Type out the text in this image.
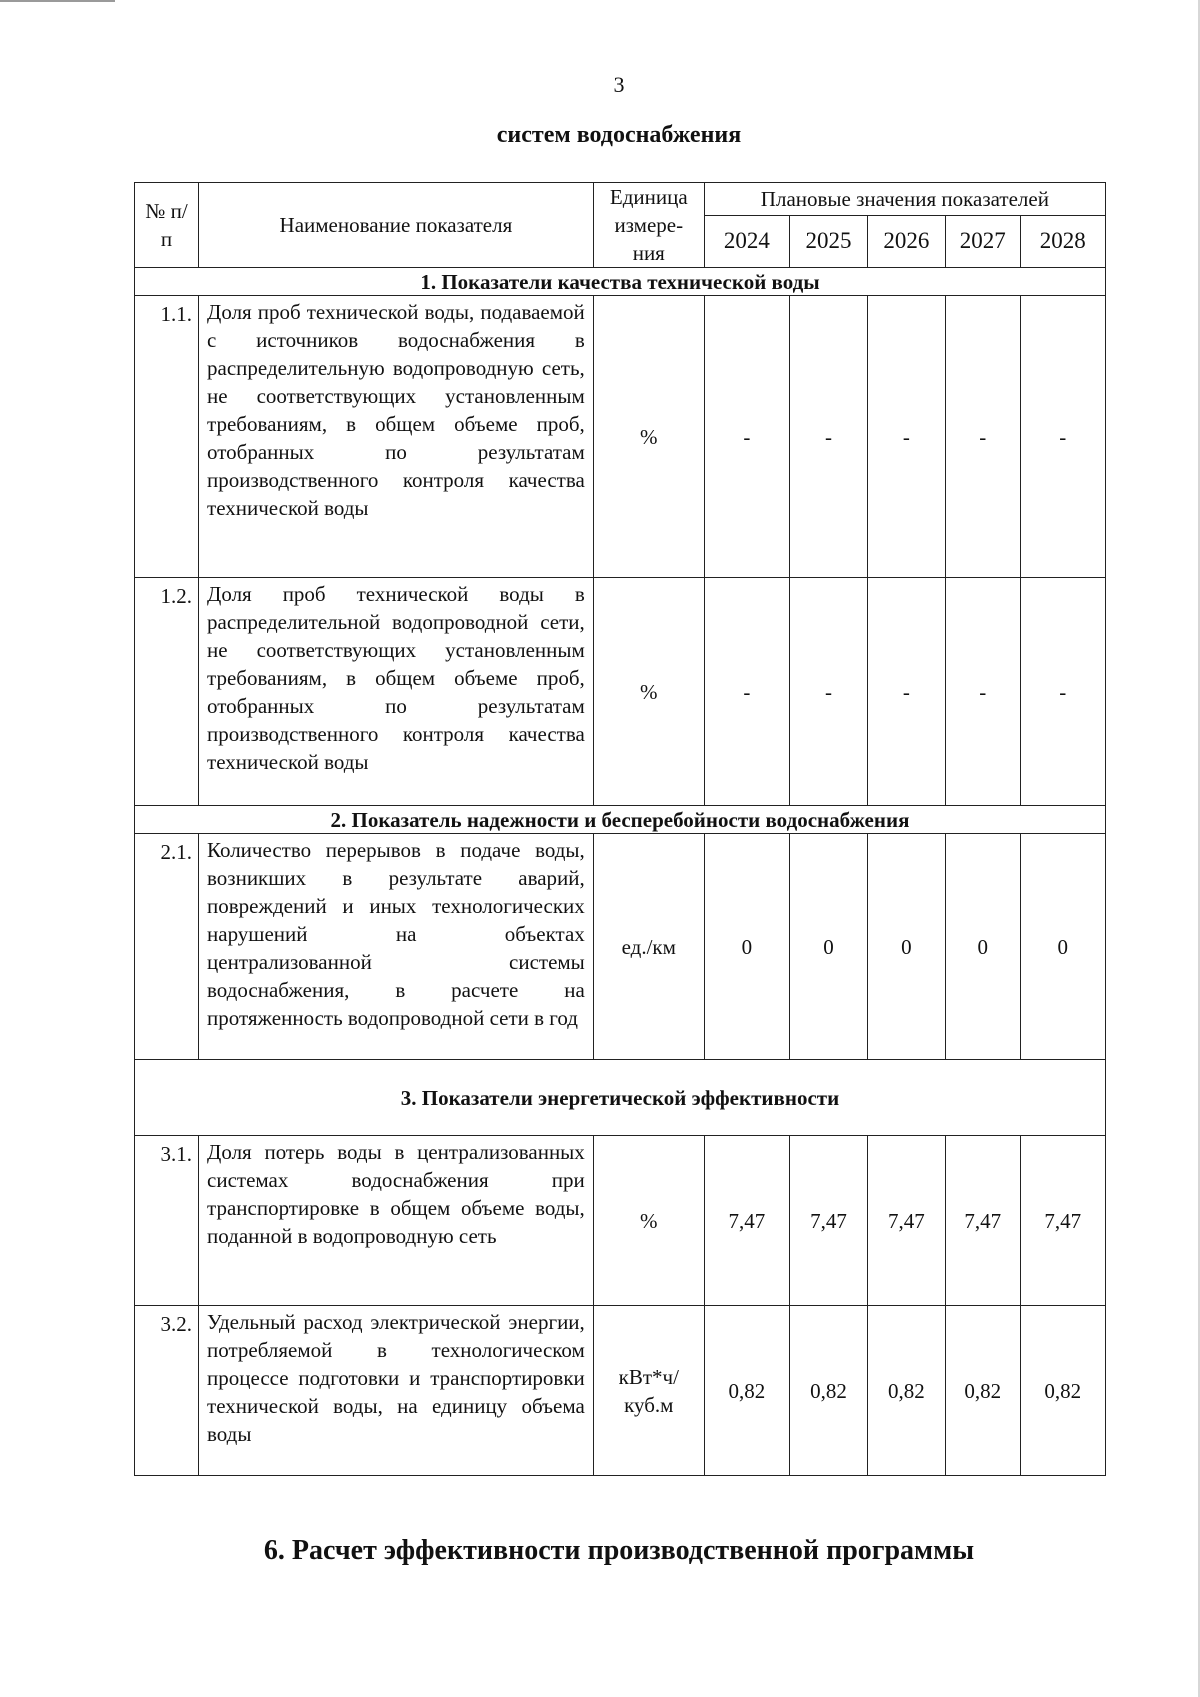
3
систем водоснабжения
№ п/п	Наименование показателя	Единица измере-ния	Плановые значения показателей				
			2024	2025	2026	2027	2028
1. Показатели качества технической воды							
1.1.	Доля проб технической воды, подаваемой с источников водоснабжения в распределительную водопроводную сеть, не соответствующих установленным требованиям, в общем объеме проб, отобранных по результатам производственного контроля качества технической воды	%	-	-	-	-	-
1.2.	Доля проб технической воды в распределительной водопроводной сети, не соответствующих установленным требованиям, в общем объеме проб, отобранных по результатам производственного контроля качества технической воды	%	-	-	-	-	-
2. Показатель надежности и бесперебойности водоснабжения							
2.1.	Количество перерывов в подаче воды, возникших в результате аварий, повреждений и иных технологических нарушений на объектах централизованной системы водоснабжения, в расчете на протяженность водопроводной сети в год	ед./км	0	0	0	0	0
3. Показатели энергетической эффективности							
3.1.	Доля потерь воды в централизованных системах водоснабжения при транспортировке в общем объеме воды, поданной в водопроводную сеть	%	7,47	7,47	7,47	7,47	7,47
3.2.	Удельный расход электрической энергии, потребляемой в технологическом процессе подготовки и транспортировки технической воды, на единицу объема воды	кВт*ч/ куб.м	0,82	0,82	0,82	0,82	0,82
6. Расчет эффективности производственной программы
